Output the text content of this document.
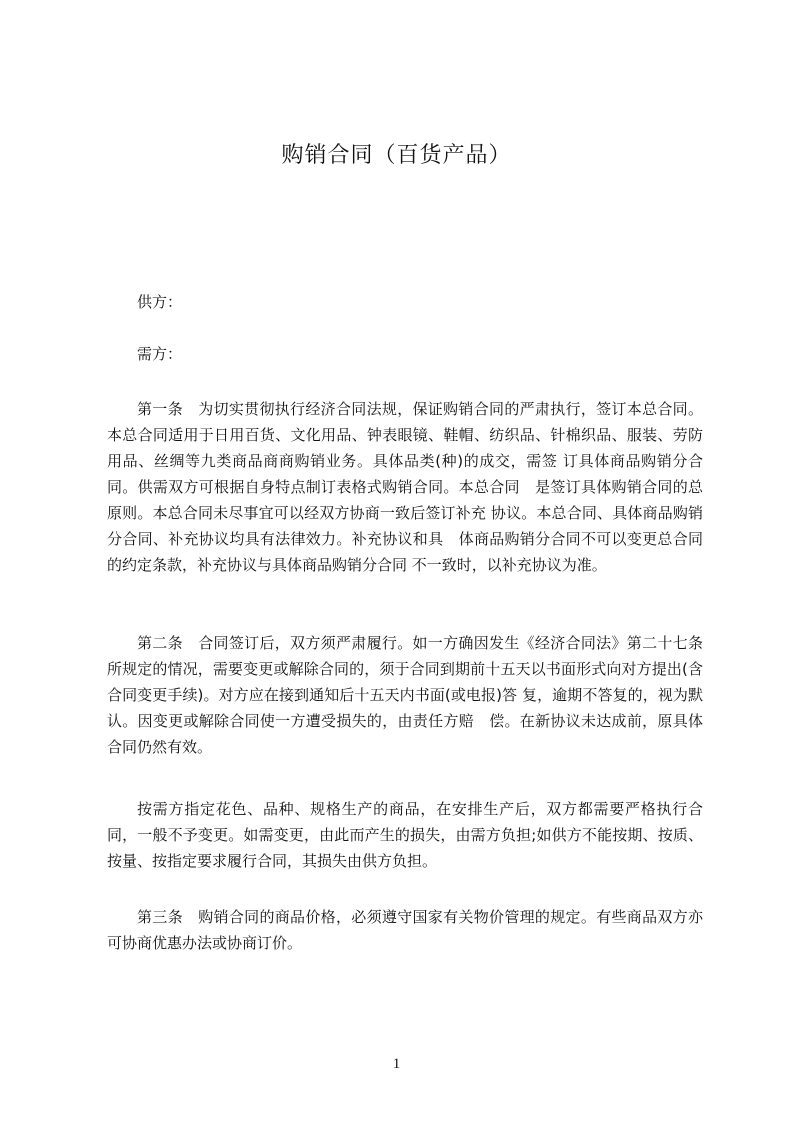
购销合同（百货产品）
供方：
需方：
第一条　为切实贯彻执行经济合同法规，保证购销合同的严肃执行，签订本总合同。本总合同适用于日用百货、文化用品、钟表眼镜、鞋帽、纺织品、针棉织品、服装、劳防用品、丝绸等九类商品商商购销业务。具体品类(种)的成交，需签 订具体商品购销分合同。供需双方可根据自身特点制订表格式购销合同。本总合同　是签订具体购销合同的总原则。本总合同未尽事宜可以经双方协商一致后签订补充 协议。本总合同、具体商品购销分合同、补充协议均具有法律效力。补充协议和具　体商品购销分合同不可以变更总合同的约定条款，补充协议与具体商品购销分合同 不一致时，以补充协议为准。
第二条　合同签订后，双方须严肃履行。如一方确因发生《经济合同法》第二十七条所规定的情况，需要变更或解除合同的，须于合同到期前十五天以书面形式向对方提出(含合同变更手续)。对方应在接到通知后十五天内书面(或电报)答 复，逾期不答复的，视为默认。因变更或解除合同使一方遭受损失的，由责任方赔　偿。在新协议未达成前，原具体合同仍然有效。
按需方指定花色、品种、规格生产的商品，在安排生产后，双方都需要严格执行合同，一般不予变更。如需变更，由此而产生的损失，由需方负担;如供方不能按期、按质、按量、按指定要求履行合同，其损失由供方负担。
第三条　购销合同的商品价格，必须遵守国家有关物价管理的规定。有些商品双方亦可协商优惠办法或协商订价。
1
